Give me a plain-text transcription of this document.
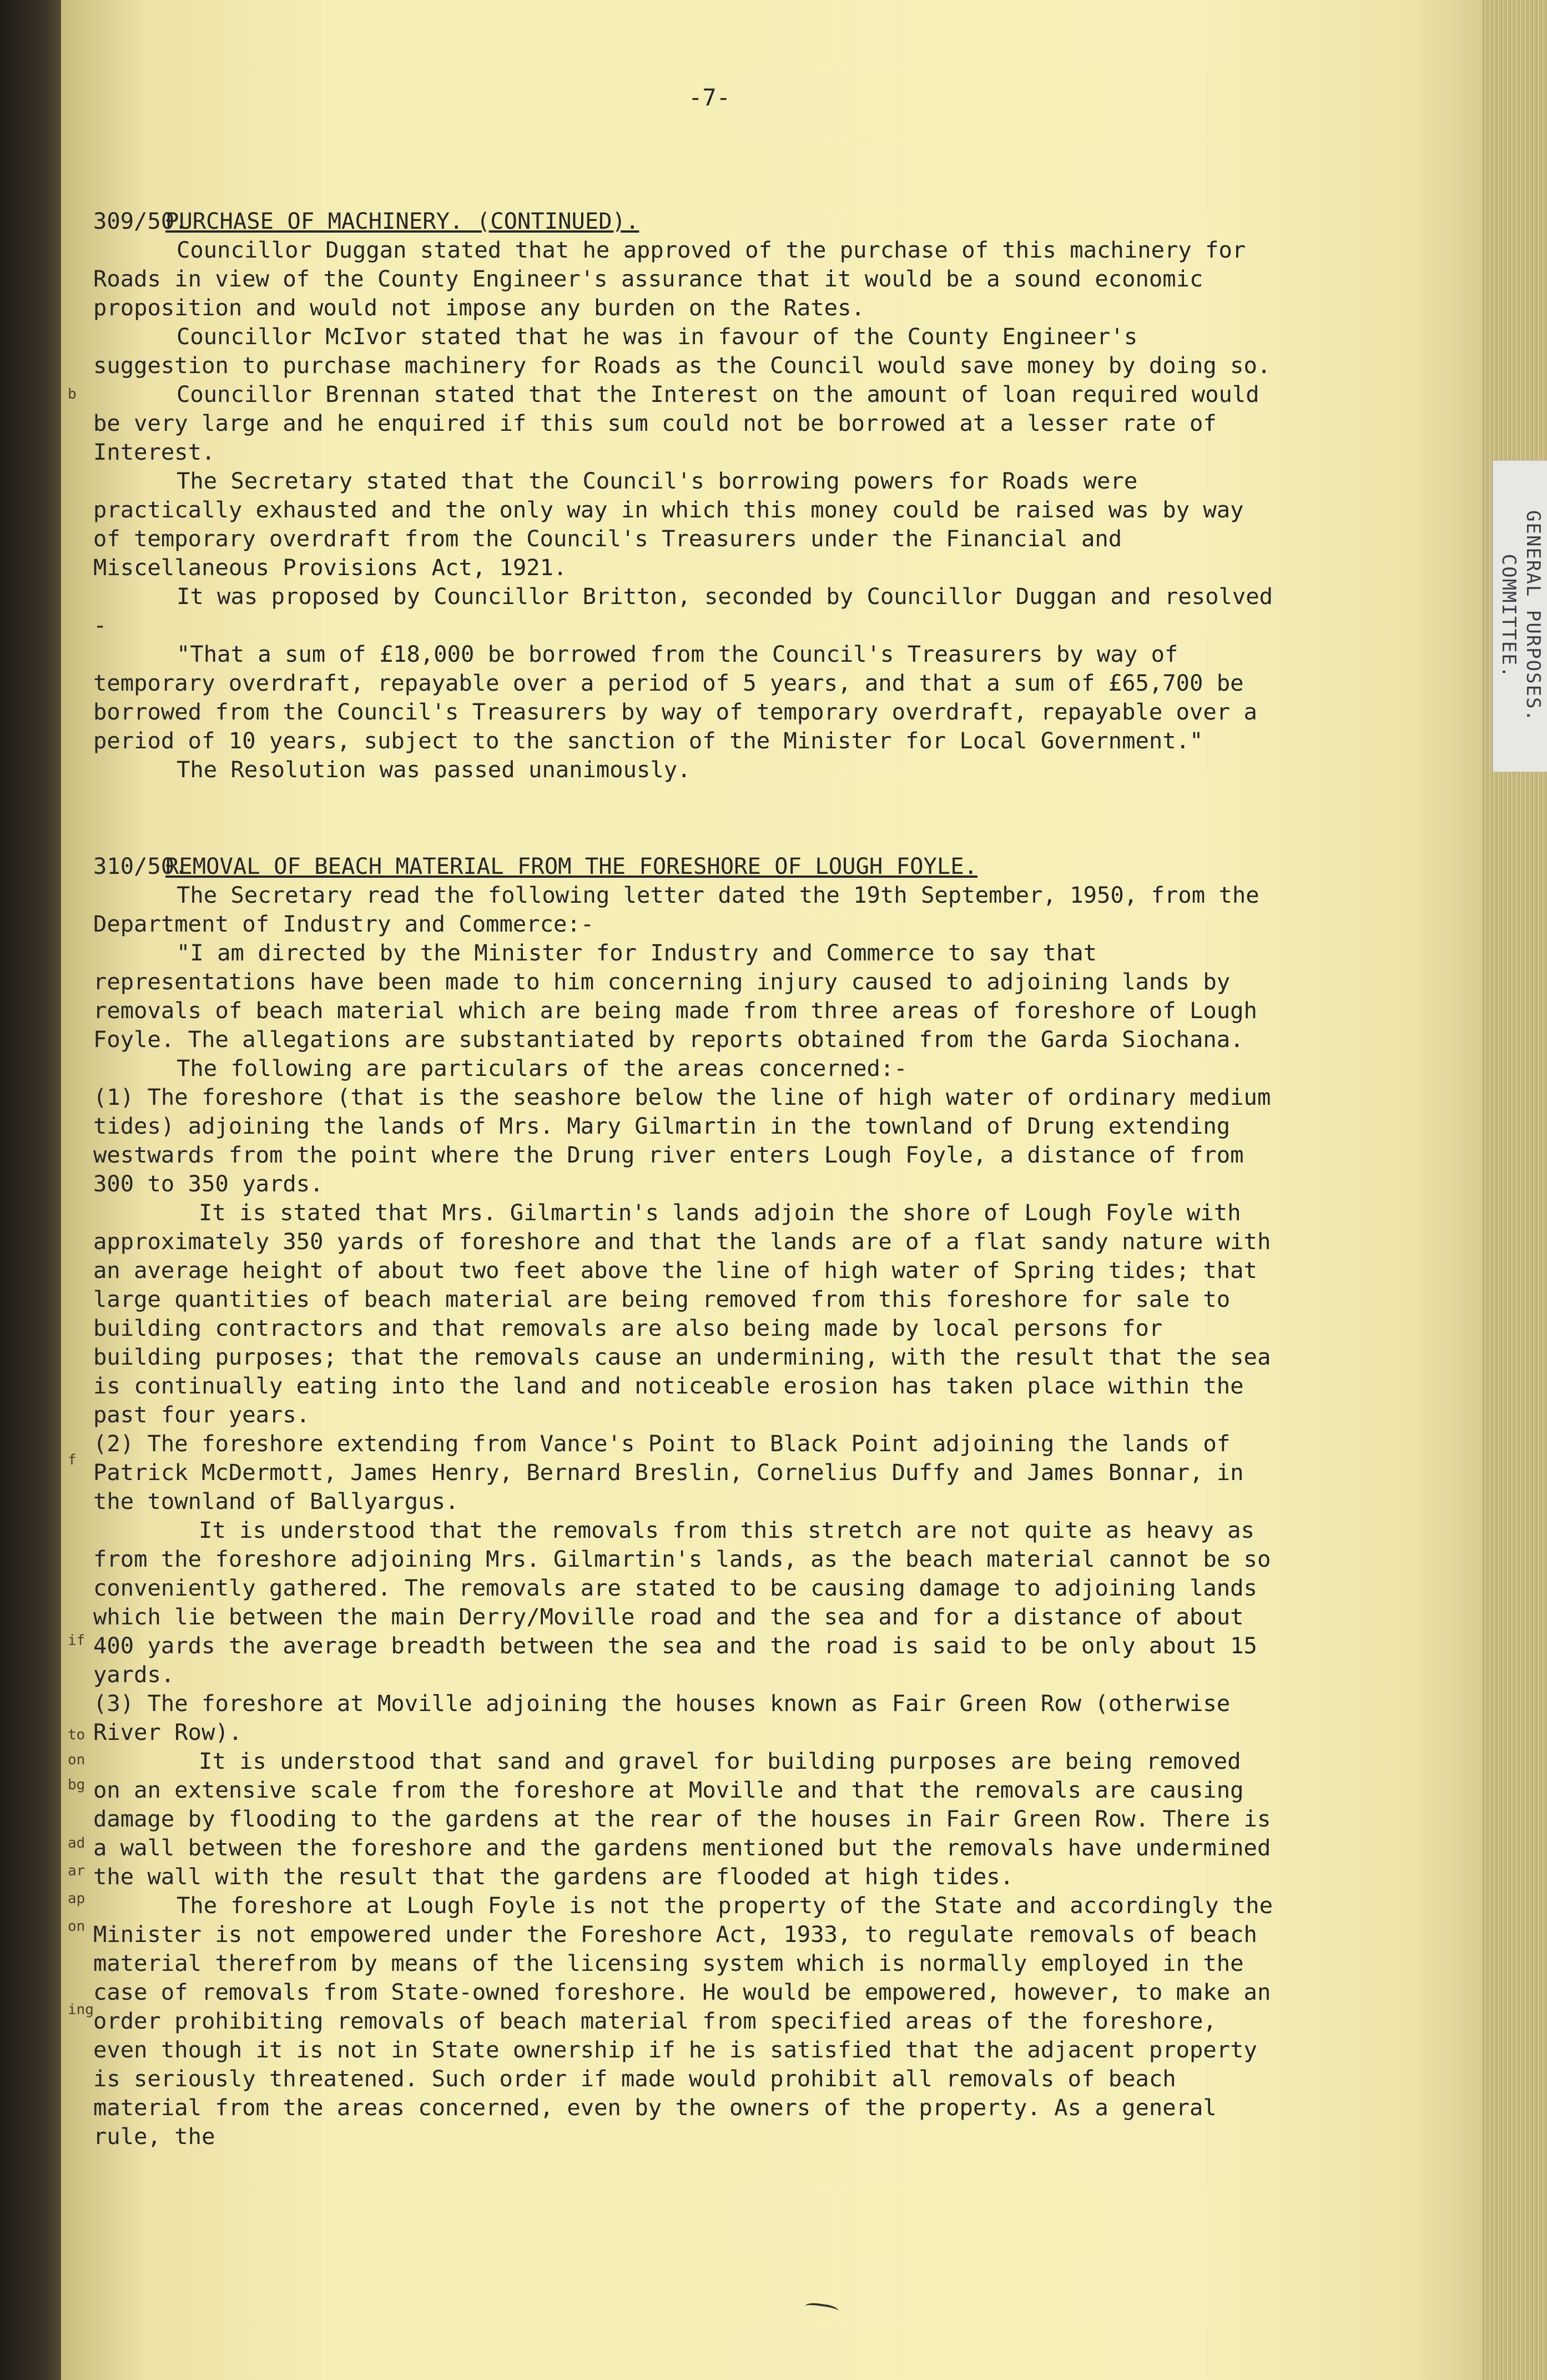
GENERAL PURPOSES.
COMMITTEE.
b
f
if
to
on
bg
ad
ar
ap
on
ing
-7-
309/50.PURCHASE OF MACHINERY. (CONTINUED).

Councillor Duggan stated that he approved of the purchase of this machinery for Roads in view of the County Engineer's assurance that it would be a sound economic proposition and would not impose any burden on the Rates.

Councillor McIvor stated that he was in favour of the County Engineer's suggestion to purchase machinery for Roads as the Council would save money by doing so.

Councillor Brennan stated that the Interest on the amount of loan required would be very large and he enquired if this sum could not be borrowed at a lesser rate of Interest.

The Secretary stated that the Council's borrowing powers for Roads were practically exhausted and the only way in which this money could be raised was by way of temporary overdraft from the Council's Treasurers under the Financial and Miscellaneous Provisions Act, 1921.

It was proposed by Councillor Britton, seconded by Councillor Duggan and resolved -

"That a sum of £18,000 be borrowed from the Council's Treasurers by way of temporary overdraft, repayable over a period of 5 years, and that a sum of £65,700 be borrowed from the Council's Treasurers by way of temporary overdraft, repayable over a period of 10 years, subject to the sanction of the Minister for Local Government."

The Resolution was passed unanimously.

310/50.REMOVAL OF BEACH MATERIAL FROM THE FORESHORE OF LOUGH FOYLE.

The Secretary read the following letter dated the 19th September, 1950, from the Department of Industry and Commerce:-

"I am directed by the Minister for Industry and Commerce to say that representations have been made to him concerning injury caused to adjoining lands by removals of beach material which are being made from three areas of foreshore of Lough Foyle. The allegations are substantiated by reports obtained from the Garda Siochana.

The following are particulars of the areas concerned:-

(1) The foreshore (that is the seashore below the line of high water of ordinary medium tides) adjoining the lands of Mrs. Mary Gilmartin in the townland of Drung extending westwards from the point where the Drung river enters Lough Foyle, a distance of from 300 to 350 yards.

It is stated that Mrs. Gilmartin's lands adjoin the shore of Lough Foyle with approximately 350 yards of foreshore and that the lands are of a flat sandy nature with an average height of about two feet above the line of high water of Spring tides; that large quantities of beach material are being removed from this foreshore for sale to building contractors and that removals are also being made by local persons for building purposes; that the removals cause an undermining, with the result that the sea is continually eating into the land and noticeable erosion has taken place within the past four years.

(2) The foreshore extending from Vance's Point to Black Point adjoining the lands of Patrick McDermott, James Henry, Bernard Breslin, Cornelius Duffy and James Bonnar, in the townland of Ballyargus.

It is understood that the removals from this stretch are not quite as heavy as from the foreshore adjoining Mrs. Gilmartin's lands, as the beach material cannot be so conveniently gathered. The removals are stated to be causing damage to adjoining lands which lie between the main Derry/Moville road and the sea and for a distance of about 400 yards the average breadth between the sea and the road is said to be only about 15 yards.

(3) The foreshore at Moville adjoining the houses known as Fair Green Row (otherwise River Row).

It is understood that sand and gravel for building purposes are being removed on an extensive scale from the foreshore at Moville and that the removals are causing damage by flooding to the gardens at the rear of the houses in Fair Green Row. There is a wall between the foreshore and the gardens mentioned but the removals have undermined the wall with the result that the gardens are flooded at high tides.

The foreshore at Lough Foyle is not the property of the State and accordingly the Minister is not empowered under the Foreshore Act, 1933, to regulate removals of beach material therefrom by means of the licensing system which is normally employed in the case of removals from State-owned foreshore. He would be empowered, however, to make an order prohibiting removals of beach material from specified areas of the foreshore, even though it is not in State ownership if he is satisfied that the adjacent property is seriously threatened. Such order if made would prohibit all removals of beach material from the areas concerned, even by the owners of the property. As a general rule, the
